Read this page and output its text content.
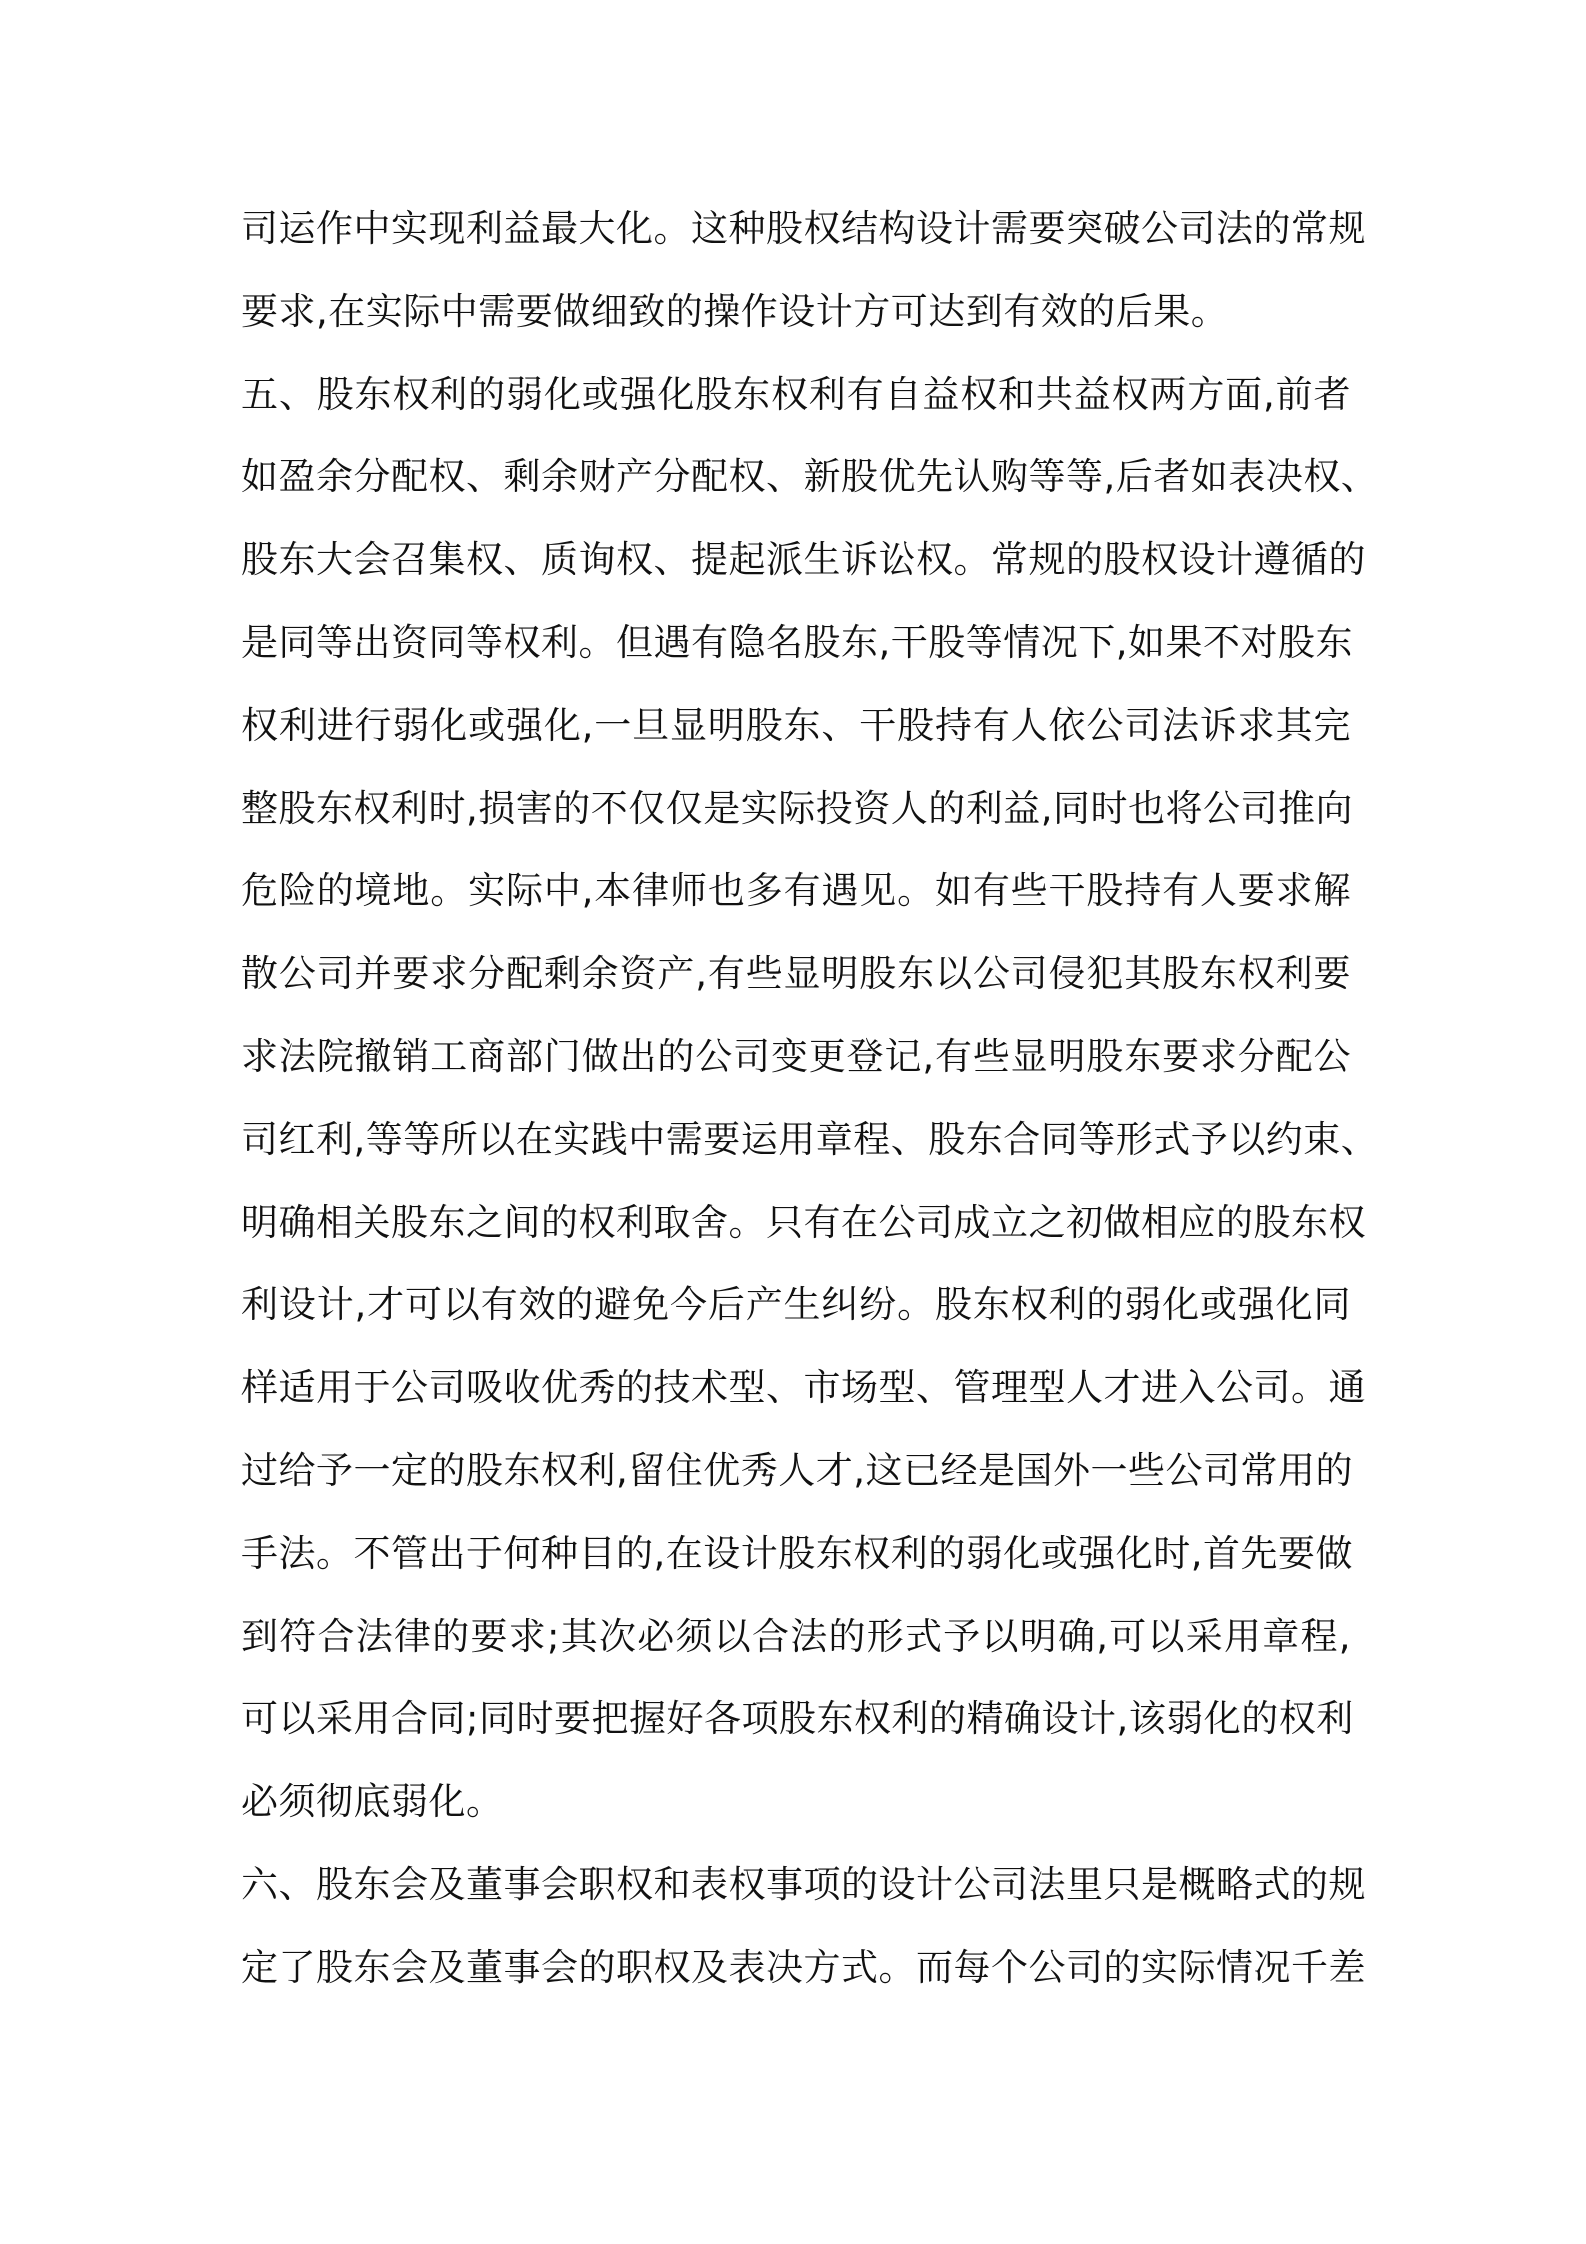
司运作中实现利益最大化。这种股权结构设计需要突破公司法的常规
要求,在实际中需要做细致的操作设计方可达到有效的后果。
五、股东权利的弱化或强化股东权利有自益权和共益权两方面,前者
如盈余分配权、剩余财产分配权、新股优先认购等等,后者如表决权、
股东大会召集权、质询权、提起派生诉讼权。常规的股权设计遵循的
是同等出资同等权利。但遇有隐名股东,干股等情况下,如果不对股东
权利进行弱化或强化,一旦显明股东、干股持有人依公司法诉求其完
整股东权利时,损害的不仅仅是实际投资人的利益,同时也将公司推向
危险的境地。实际中,本律师也多有遇见。如有些干股持有人要求解
散公司并要求分配剩余资产,有些显明股东以公司侵犯其股东权利要
求法院撤销工商部门做出的公司变更登记,有些显明股东要求分配公
司红利,等等所以在实践中需要运用章程、股东合同等形式予以约束、
明确相关股东之间的权利取舍。只有在公司成立之初做相应的股东权
利设计,才可以有效的避免今后产生纠纷。股东权利的弱化或强化同
样适用于公司吸收优秀的技术型、市场型、管理型人才进入公司。通
过给予一定的股东权利,留住优秀人才,这已经是国外一些公司常用的
手法。不管出于何种目的,在设计股东权利的弱化或强化时,首先要做
到符合法律的要求;其次必须以合法的形式予以明确,可以采用章程,
可以采用合同;同时要把握好各项股东权利的精确设计,该弱化的权利
必须彻底弱化。
六、股东会及董事会职权和表权事项的设计公司法里只是概略式的规
定了股东会及董事会的职权及表决方式。而每个公司的实际情况千差
